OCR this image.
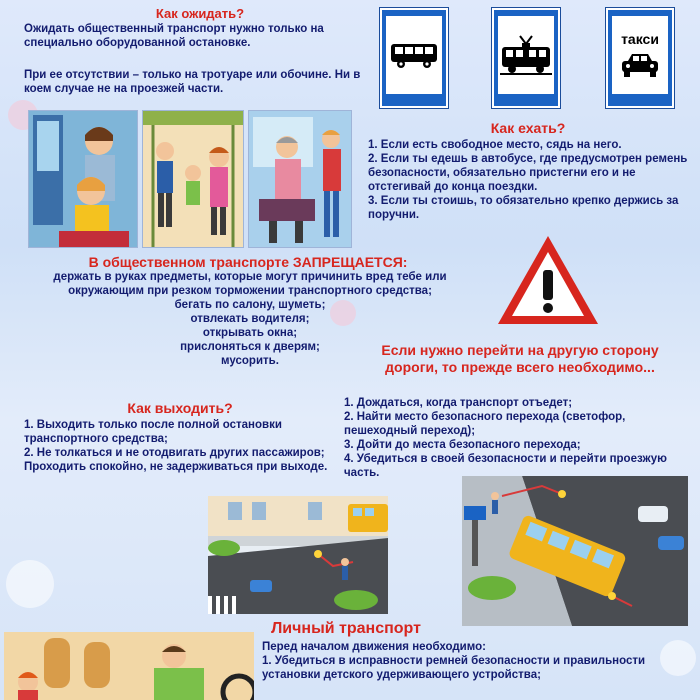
Как ожидать?
Ожидать общественный транспорт нужно только на специально оборудованной остановке.
При ее отсутствии – только на тротуаре или обочине. Ни в коем случае не на проезжей части.
такси
Как ехать?
1. Если есть свободное место, сядь на него.
2. Если ты едешь в автобусе, где предусмотрен ремень безопасности, обязательно пристегни его и не отстегивай до конца поездки.
3. Если ты стоишь, то обязательно крепко держись за поручни.
В общественном транспорте ЗАПРЕЩАЕТСЯ:
держать в руках предметы, которые могут причинить вред тебе или окружающим при резком торможении транспортного средства;
бегать по салону, шуметь;
отвлекать водителя;
открывать окна;
прислоняться к дверям;
мусорить.
Если нужно перейти на другую сторону дороги, то прежде всего необходимо...
1. Дождаться, когда транспорт отъедет;
2. Найти место безопасного перехода (светофор, пешеходный переход);
3. Дойти до места безопасного перехода;
4. Убедиться в своей безопасности и перейти проезжую часть.
Как выходить?
1. Выходить только после полной остановки транспортного средства;
2. Не толкаться и не отодвигать других пассажиров;
Проходить спокойно, не задерживаться при выходе.
Личный транспорт
Перед началом движения необходимо:
1. Убедиться в исправности ремней безопасности и правильности установки детского удерживающего устройства;
